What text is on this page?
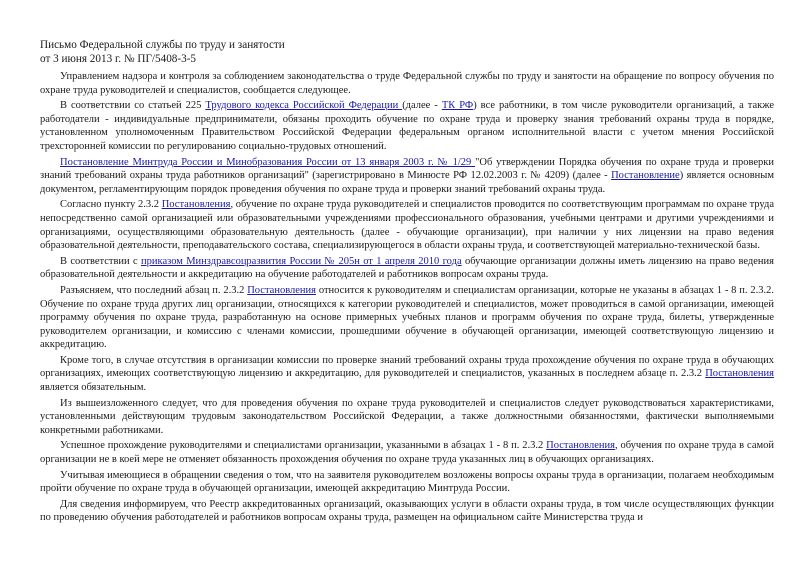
Письмо Федеральной службы по труду и занятости
от 3 июня 2013 г. № ПГ/5408-3-5

Управлением надзора и контроля за соблюдением законодательства о труде Федеральной службы по труду и занятости на обращение по вопросу обучения по охране труда руководителей и специалистов, сообщается следующее.

В соответствии со статьей 225 Трудового кодекса Российской Федерации (далее - ТК РФ) все работники, в том числе руководители организаций, а также работодатели - индивидуальные предприниматели, обязаны проходить обучение по охране труда и проверку знания требований охраны труда в порядке, установленном уполномоченным Правительством Российской Федерации федеральным органом исполнительной власти с учетом мнения Российской трехсторонней комиссии по регулированию социально-трудовых отношений.

Постановление Минтруда России и Минобразования России от 13 января 2003 г. № 1/29 "Об утверждении Порядка обучения по охране труда и проверки знаний требований охраны труда работников организаций" (зарегистрировано в Минюсте РФ 12.02.2003 г. № 4209) (далее - Постановление) является основным документом, регламентирующим порядок проведения обучения по охране труда и проверки знаний требований охраны труда.

Согласно пункту 2.3.2 Постановления, обучение по охране труда руководителей и специалистов проводится по соответствующим программам по охране труда непосредственно самой организацией или образовательными учреждениями профессионального образования, учебными центрами и другими учреждениями и организациями, осуществляющими образовательную деятельность (далее - обучающие организации), при наличии у них лицензии на право ведения образовательной деятельности, преподавательского состава, специализирующегося в области охраны труда, и соответствующей материально-технической базы.

В соответствии с приказом Минздравсоцразвития России № 205н от 1 апреля 2010 года обучающие организации должны иметь лицензию на право ведения образовательной деятельности и аккредитацию на обучение работодателей и работников вопросам охраны труда.

Разъясняем, что последний абзац п. 2.3.2 Постановления относится к руководителям и специалистам организации, которые не указаны в абзацах 1 - 8 п. 2.3.2. Обучение по охране труда других лиц организации, относящихся к категории руководителей и специалистов, может проводиться в самой организации, имеющей программу обучения по охране труда, разработанную на основе примерных учебных планов и программ обучения по охране труда, билеты, утвержденные руководителем организации, и комиссию с членами комиссии, прошедшими обучение в обучающей организации, имеющей соответствующую лицензию и аккредитацию.

Кроме того, в случае отсутствия в организации комиссии по проверке знаний требований охраны труда прохождение обучения по охране труда в обучающих организациях, имеющих соответствующую лицензию и аккредитацию, для руководителей и специалистов, указанных в последнем абзаце п. 2.3.2 Постановления является обязательным.

Из вышеизложенного следует, что для проведения обучения по охране труда руководителей и специалистов следует руководствоваться характеристиками, установленными действующим трудовым законодательством Российской Федерации, а также должностными обязанностями, фактически выполняемыми конкретными работниками.

Успешное прохождение руководителями и специалистами организации, указанными в абзацах 1 - 8 п. 2.3.2 Постановления, обучения по охране труда в самой организации не в коей мере не отменяет обязанность прохождения обучения по охране труда указанных лиц в обучающих организациях.

Учитывая имеющиеся в обращении сведения о том, что на заявителя руководителем возложены вопросы охраны труда в организации, полагаем необходимым пройти обучение по охране труда в обучающей организации, имеющей аккредитацию Минтруда России.

Для сведения информируем, что Реестр аккредитованных организаций, оказывающих услуги в области охраны труда, в том числе осуществляющих функции по проведению обучения работодателей и работников вопросам охраны труда, размещен на официальном сайте Министерства труда и
